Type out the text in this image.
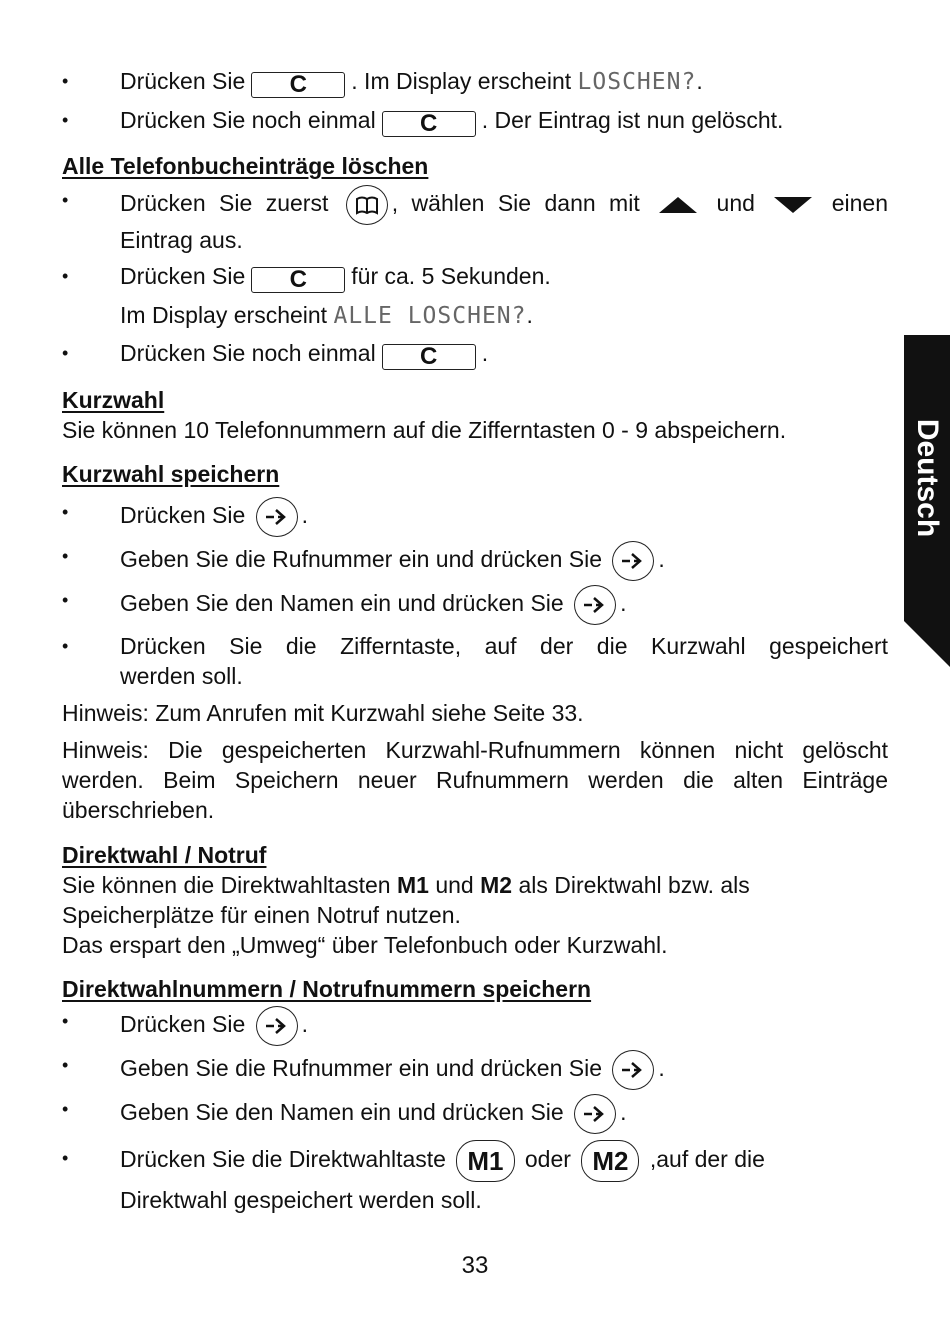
Deutsch
• Drücken Sie C . Im Display erscheint LOSCHEN?.
• Drücken Sie noch einmal C . Der Eintrag ist nun gelöscht.
Alle Telefonbucheinträge löschen
• Drücken Sie zuerst	, wählen Sie dann mit	und	einen
Eintrag aus.
• Drücken Sie C für ca. 5 Sekunden.
Im Display erscheint ALLE LOSCHEN?.
• Drücken Sie noch einmal C .
Kurzwahl
Sie können 10 Telefonnummern auf die Zifferntasten 0 - 9 abspeichern.
Kurzwahl speichern
• Drücken Sie .
• Geben Sie die Rufnummer ein und drücken Sie .
• Geben Sie den Namen ein und drücken Sie .
• Drücken Sie die Zifferntaste, auf der die Kurzwahl gespeichert
werden soll.
Hinweis: Zum Anrufen mit Kurzwahl siehe Seite 33.
Hinweis: Die gespeicherten Kurzwahl-Rufnummern können nicht gelöscht werden. Beim Speichern neuer Rufnummern werden die alten Einträge überschrieben.
Direktwahl / Notruf
Sie können die Direktwahltasten M1 und M2 als Direktwahl bzw. als
Speicherplätze für einen Notruf nutzen.
Das erspart den „Umweg“ über Telefonbuch oder Kurzwahl.
Direktwahlnummern / Notrufnummern speichern
• Drücken Sie .
• Geben Sie die Rufnummer ein und drücken Sie .
• Geben Sie den Namen ein und drücken Sie .
• Drücken Sie die Direktwahltaste M1 oder M2 ,auf der die
Direktwahl gespeichert werden soll.
33
